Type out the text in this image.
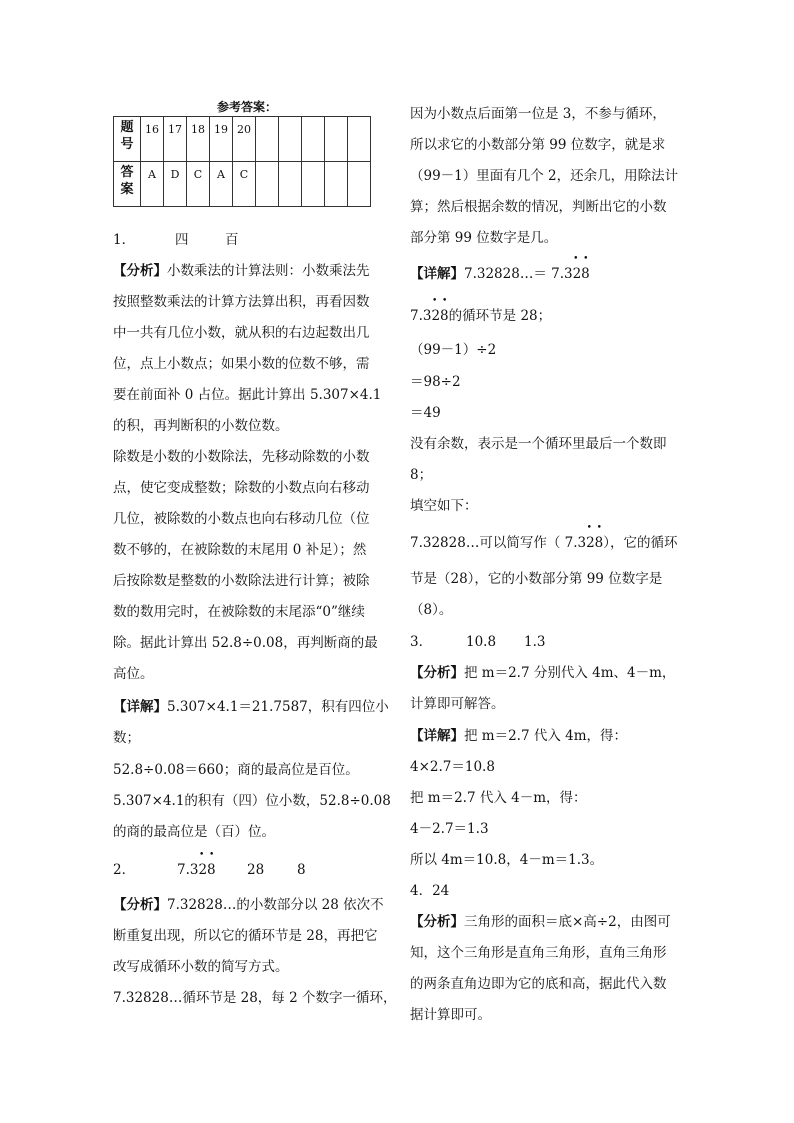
参考答案：
题
号	16	17	18	19	20					

答
案	A	D	C	A	C					
1．	四	百
【分析】小数乘法的计算法则：小数乘法先
按照整数乘法的计算方法算出积，再看因数
中一共有几位小数，就从积的右边起数出几
位，点上小数点；如果小数的位数不够，需
要在前面补 0 占位。据此计算出 5.307×4.1
的积，再判断积的小数位数。
除数是小数的小数除法，先移动除数的小数
点，使它变成整数；除数的小数点向右移动
几位，被除数的小数点也向右移动几位（位
数不够的，在被除数的末尾用 0 补足）；然
后按除数是整数的小数除法进行计算；被除
数的数用完时，在被除数的末尾添“0”继续
除。据此计算出 52.8÷0.08，再判断商的最
高位。
【详解】5.307×4.1＝21.7587，积有四位小
数；
52.8÷0.08＝660；商的最高位是百位。
5.307×4.1的积有（四）位小数，52.8÷0.08
的商的最高位是（百）位。
2．	7.328
• •
28 8
【分析】7.32828…的小数部分以 28 依次不
断重复出现，所以它的循环节是 28，再把它
改写成循环小数的简写方式。
7.32828…循环节是 28，每 2 个数字一循环，
因为小数点后面第一位是 3，不参与循环，
所以求它的小数部分第 99 位数字，就是求
（99－1）里面有几个 2，还余几，用除法计
算；然后根据余数的情况，判断出它的小数
部分第 99 位数字是几。
【详解】7.32828…＝ 7.328
• •
7.328
• •
的循环节是 28；
（99－1）÷2
＝98÷2
＝49
没有余数，表示是一个循环里最后一个数即
8；
填空如下：
7.32828…可以简写作（ 7.328
• •
），它的循环
节是（28），它的小数部分第 99 位数字是
（8）。
3．	10.8 1.3
【分析】把 m＝2.7 分别代入 4m、4－m，
计算即可解答。
【详解】把 m＝2.7 代入 4m，得：
4×2.7＝10.8
把 m＝2.7 代入 4－m，得：
4－2.7＝1.3
所以 4m＝10.8，4－m＝1.3。
4．24
【分析】三角形的面积＝底×高÷2，由图可
知，这个三角形是直角三角形，直角三角形
的两条直角边即为它的底和高，据此代入数
据计算即可。
